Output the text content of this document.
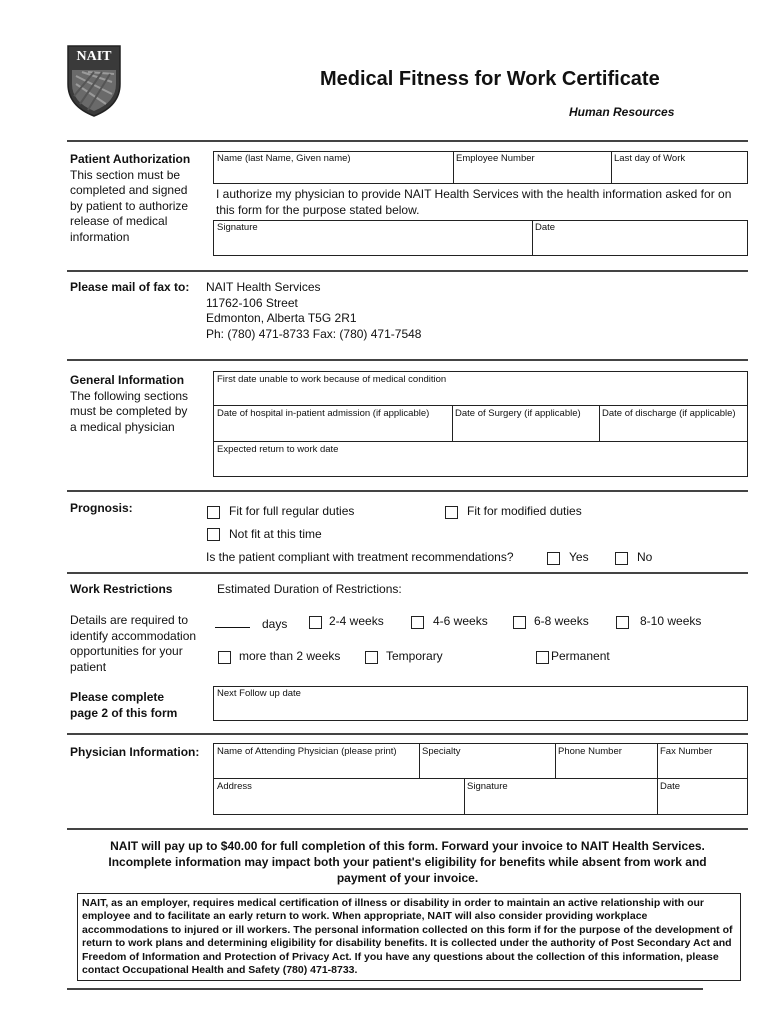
NAIT
Medical Fitness for Work Certificate
Human Resources
Patient Authorization
This section must be
completed and signed
by patient to authorize
release of medical
information
Name (last Name, Given name)	Employee Number	Last day of Work
I authorize my physician to provide NAIT Health Services with the health information asked for on this form for the purpose stated below.
Signature	Date
Please mail of fax to: NAIT Health Services
11762-106 Street
Edmonton, Alberta T5G 2R1
Ph: (780) 471-8733 Fax: (780) 471-7548
General Information
The following sections
must be completed by
a medical physician
First date unable to work because of medical condition
Date of hospital in-patient admission (if applicable)	Date of Surgery (if applicable) Date of discharge (if applicable)
Expected return to work date
Prognosis:	Fit for full regular duties	Fit for modified duties
Not fit at this time
Is the patient compliant with treatment recommendations?	Yes	No
Work Restrictions	Estimated Duration of Restrictions:
Details are required to
identify accommodation
opportunities for your
patient
days	2-4 weeks	4-6 weeks	6-8 weeks	8-10 weeks
more than 2 weeks	Temporary	Permanent
Please complete
page 2 of this form
Next Follow up date
Physician Information: Name of Attending Physician (please print)	Specialty	Phone Number	Fax Number
Address	Signature	Date
NAIT will pay up to $40.00 for full completion of this form. Forward your invoice to NAIT Health Services.
Incomplete information may impact both your patient's eligibility for benefits while absent from work and
payment of your invoice.
NAIT, as an employer, requires medical certification of illness or disability in order to maintain an active relationship with our employee and to facilitate an early return to work. When appropriate, NAIT will also consider providing workplace accommodations to injured or ill workers. The personal information collected on this form if for the purpose of the development of return to work plans and determining eligibility for disability benefits. It is collected under the authority of Post Secondary Act and Freedom of Information and Protection of Privacy Act. If you have any questions about the collection of this information, please contact Occupational Health and Safety (780) 471-8733.
